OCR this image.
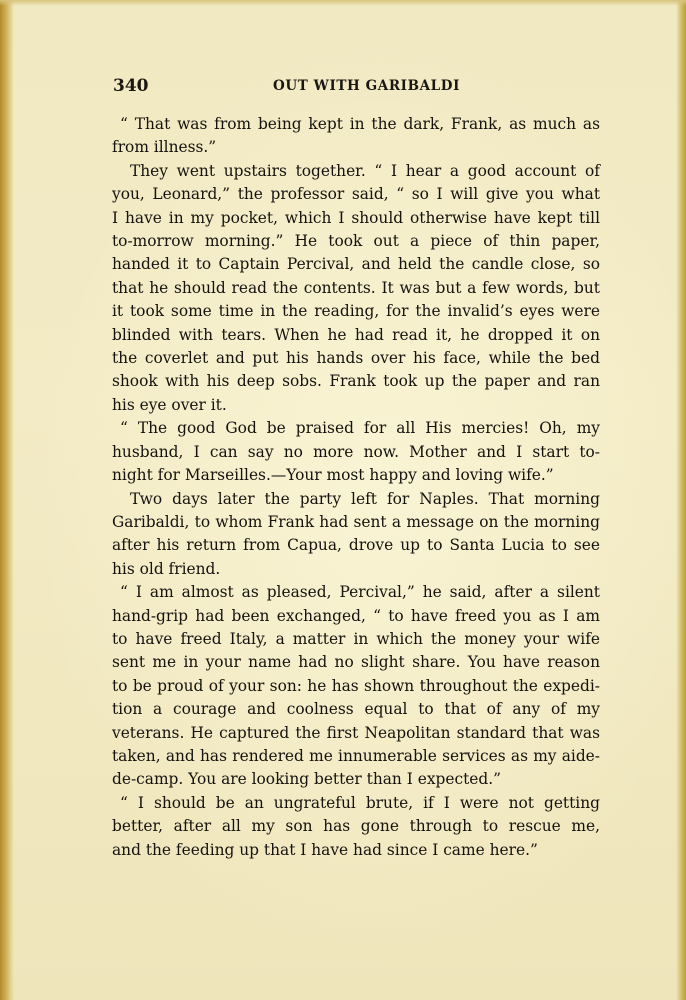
340	OUT WITH GARIBALDI
“ That was from being kept in the dark, Frank, as much as
from illness.”
They went upstairs together. “ I hear a good account of
you, Leonard,” the professor said, “ so I will give you what
I have in my pocket, which I should otherwise have kept till
to-morrow morning.” He took out a piece of thin paper,
handed it to Captain Percival, and held the candle close, so
that he should read the contents. It was but a few words, but
it took some time in the reading, for the invalid’s eyes were
blinded with tears. When he had read it, he dropped it on
the coverlet and put his hands over his face, while the bed
shook with his deep sobs. Frank took up the paper and ran
his eye over it.
“ The good God be praised for all His mercies! Oh, my
husband, I can say no more now. Mother and I start to-
night for Marseilles.—Your most happy and loving wife.”
Two days later the party left for Naples. That morning
Garibaldi, to whom Frank had sent a message on the morning
after his return from Capua, drove up to Santa Lucia to see
his old friend.
“ I am almost as pleased, Percival,” he said, after a silent
hand-grip had been exchanged, “ to have freed you as I am
to have freed Italy, a matter in which the money your wife
sent me in your name had no slight share. You have reason
to be proud of your son: he has shown throughout the expedi-
tion a courage and coolness equal to that of any of my
veterans. He captured the first Neapolitan standard that was
taken, and has rendered me innumerable services as my aide-
de-camp. You are looking better than I expected.”
“ I should be an ungrateful brute, if I were not getting
better, after all my son has gone through to rescue me,
and the feeding up that I have had since I came here.”
